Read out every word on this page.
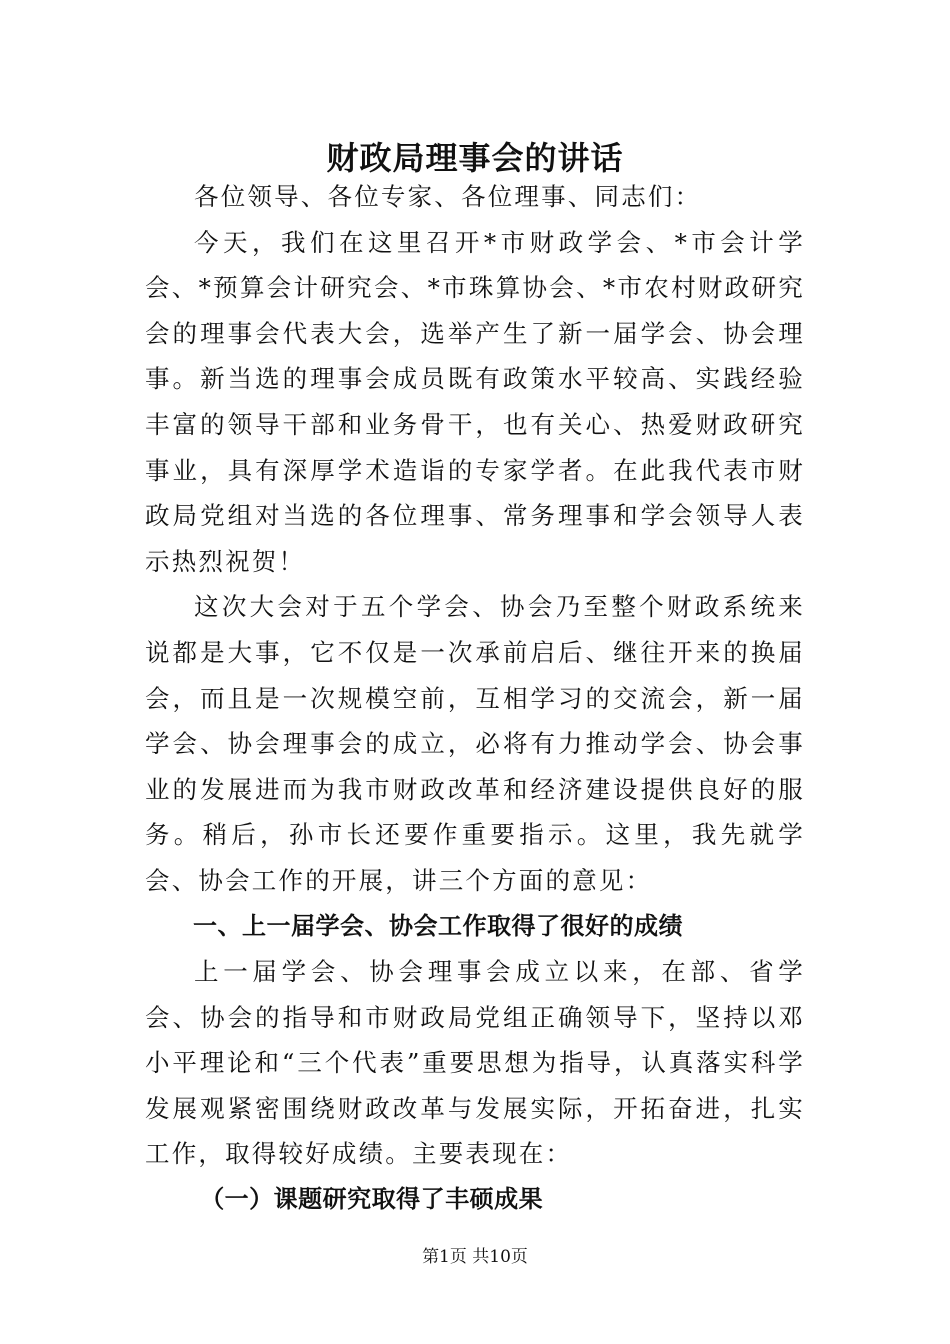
财政局理事会的讲话

各位领导、各位专家、各位理事、同志们：

今天，我们在这里召开*市财政学会、*市会计学会、*预算会计研究会、*市珠算协会、*市农村财政研究会的理事会代表大会，选举产生了新一届学会、协会理事。新当选的理事会成员既有政策水平较高、实践经验丰富的领导干部和业务骨干，也有关心、热爱财政研究事业，具有深厚学术造诣的专家学者。在此我代表市财政局党组对当选的各位理事、常务理事和学会领导人表示热烈祝贺！

这次大会对于五个学会、协会乃至整个财政系统来说都是大事，它不仅是一次承前启后、继往开来的换届会，而且是一次规模空前，互相学习的交流会，新一届学会、协会理事会的成立，必将有力推动学会、协会事业的发展进而为我市财政改革和经济建设提供良好的服务。稍后，孙市长还要作重要指示。这里，我先就学会、协会工作的开展，讲三个方面的意见：

一、上一届学会、协会工作取得了很好的成绩

上一届学会、协会理事会成立以来，在部、省学会、协会的指导和市财政局党组正确领导下，坚持以邓小平理论和“三个代表”重要思想为指导，认真落实科学发展观紧密围绕财政改革与发展实际，开拓奋进，扎实工作，取得较好成绩。主要表现在：

（一）课题研究取得了丰硕成果

第1页 共10页
